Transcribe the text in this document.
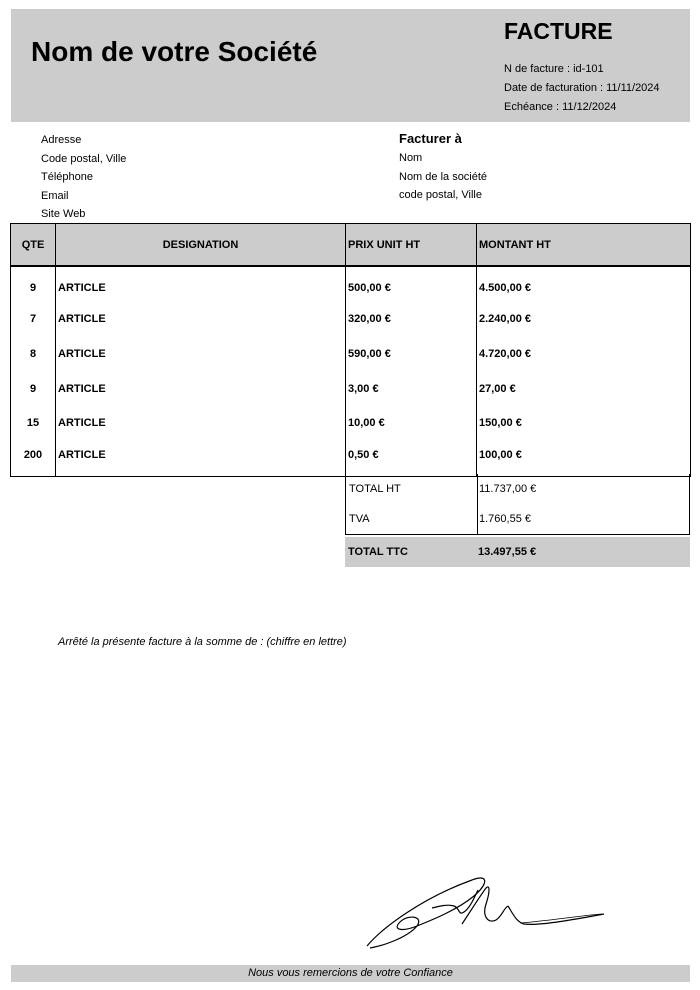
Nom de votre Société
FACTURE
N de facture : id-101
Date de facturation : 11/11/2024
Echéance : 11/12/2024
Adresse
Code postal, Ville
Téléphone
Email
Site Web
Facturer à
Nom
Nom de la société
code postal, Ville
QTE	DESIGNATION	PRIX UNIT HT	MONTANT HT
9	ARTICLE	500,00 €	4.500,00 €
7	ARTICLE	320,00 €	2.240,00 €
8	ARTICLE	590,00 €	4.720,00 €
9	ARTICLE	3,00 €	27,00 €
15	ARTICLE	10,00 €	150,00 €
200	ARTICLE	0,50 €	100,00 €
TOTAL HT	11.737,00 €
TVA	1.760,55 €
TOTAL TTC	13.497,55 €
Arrêté la présente facture à la somme de : (chiffre en lettre)
Nous vous remercions de votre Confiance
